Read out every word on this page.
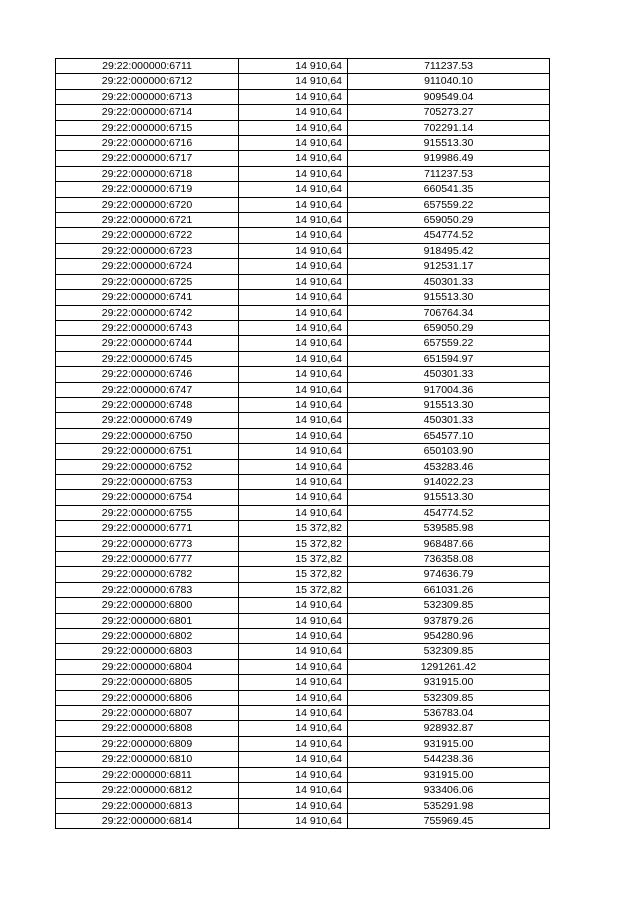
29:22:000000:6711	14 910,64	711237.53
29:22:000000:6712	14 910,64	911040.10
29:22:000000:6713	14 910,64	909549.04
29:22:000000:6714	14 910,64	705273.27
29:22:000000:6715	14 910,64	702291.14
29:22:000000:6716	14 910,64	915513.30
29:22:000000:6717	14 910,64	919986.49
29:22:000000:6718	14 910,64	711237.53
29:22:000000:6719	14 910,64	660541.35
29:22:000000:6720	14 910,64	657559.22
29:22:000000:6721	14 910,64	659050.29
29:22:000000:6722	14 910,64	454774.52
29:22:000000:6723	14 910,64	918495.42
29:22:000000:6724	14 910,64	912531.17
29:22:000000:6725	14 910,64	450301.33
29:22:000000:6741	14 910,64	915513.30
29:22:000000:6742	14 910,64	706764.34
29:22:000000:6743	14 910,64	659050.29
29:22:000000:6744	14 910,64	657559.22
29:22:000000:6745	14 910,64	651594.97
29:22:000000:6746	14 910,64	450301.33
29:22:000000:6747	14 910,64	917004.36
29:22:000000:6748	14 910,64	915513.30
29:22:000000:6749	14 910,64	450301.33
29:22:000000:6750	14 910,64	654577.10
29:22:000000:6751	14 910,64	650103.90
29:22:000000:6752	14 910,64	453283.46
29:22:000000:6753	14 910,64	914022.23
29:22:000000:6754	14 910,64	915513.30
29:22:000000:6755	14 910,64	454774.52
29:22:000000:6771	15 372,82	539585.98
29:22:000000:6773	15 372,82	968487.66
29:22:000000:6777	15 372,82	736358.08
29:22:000000:6782	15 372,82	974636.79
29:22:000000:6783	15 372,82	661031.26
29:22:000000:6800	14 910,64	532309.85
29:22:000000:6801	14 910,64	937879.26
29:22:000000:6802	14 910,64	954280.96
29:22:000000:6803	14 910,64	532309.85
29:22:000000:6804	14 910,64	1291261.42
29:22:000000:6805	14 910,64	931915.00
29:22:000000:6806	14 910,64	532309.85
29:22:000000:6807	14 910,64	536783.04
29:22:000000:6808	14 910,64	928932.87
29:22:000000:6809	14 910,64	931915.00
29:22:000000:6810	14 910,64	544238.36
29:22:000000:6811	14 910,64	931915.00
29:22:000000:6812	14 910,64	933406.06
29:22:000000:6813	14 910,64	535291.98
29:22:000000:6814	14 910,64	755969.45
